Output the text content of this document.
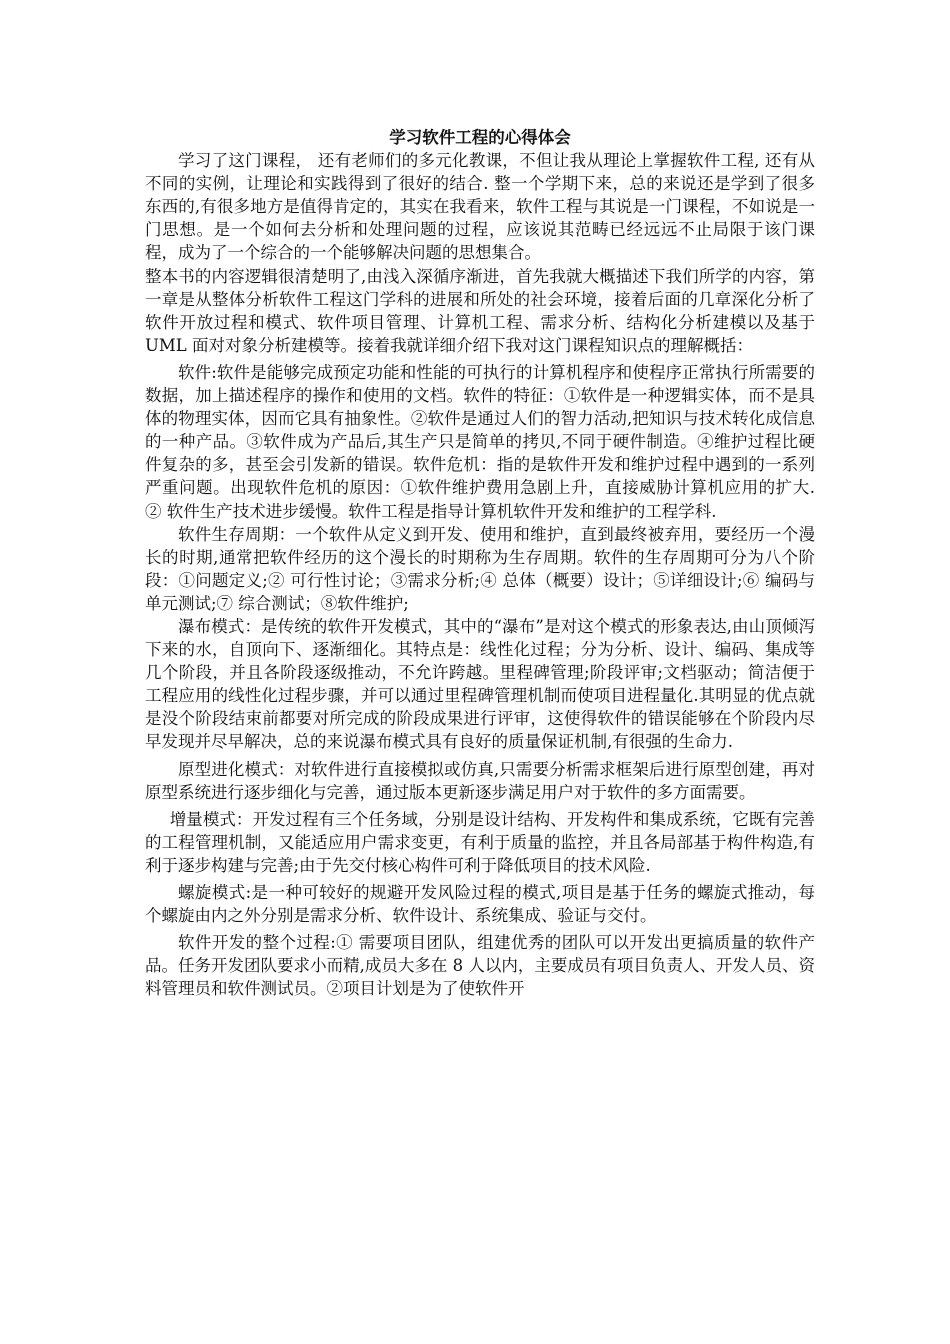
学习软件工程的心得体会

学习了这门课程， 还有老师们的多元化教课，不但让我从理论上掌握软件工程, 还有从不同的实例，让理论和实践得到了很好的结合. 整一个学期下来，总的来说还是学到了很多东西的,有很多地方是值得肯定的，其实在我看来，软件工程与其说是一门课程，不如说是一门思想。是一个如何去分析和处理问题的过程，应该说其范畴已经远远不止局限于该门课程，成为了一个综合的一个能够解决问题的思想集合。

整本书的内容逻辑很清楚明了,由浅入深循序渐进，首先我就大概描述下我们所学的内容，第一章是从整体分析软件工程这门学科的进展和所处的社会环境，接着后面的几章深化分析了软件开放过程和模式、软件项目管理、计算机工程、需求分析、结构化分析建模以及基于 UML 面对对象分析建模等。接着我就详细介绍下我对这门课程知识点的理解概括：

软件:软件是能够完成预定功能和性能的可执行的计算机程序和使程序正常执行所需要的数据，加上描述程序的操作和使用的文档。软件的特征：①软件是一种逻辑实体，而不是具体的物理实体，因而它具有抽象性。②软件是通过人们的智力活动,把知识与技术转化成信息的一种产品。③软件成为产品后,其生产只是简单的拷贝,不同于硬件制造。④维护过程比硬件复杂的多，甚至会引发新的错误。软件危机：指的是软件开发和维护过程中遇到的一系列严重问题。出现软件危机的原因：①软件维护费用急剧上升，直接威胁计算机应用的扩大. ② 软件生产技术进步缓慢。软件工程是指导计算机软件开发和维护的工程学科.

软件生存周期：一个软件从定义到开发、使用和维护，直到最终被弃用，要经历一个漫长的时期,通常把软件经历的这个漫长的时期称为生存周期。软件的生存周期可分为八个阶段：①问题定义;② 可行性讨论；③需求分析;④ 总体（概要）设计；⑤详细设计;⑥ 编码与单元测试;⑦ 综合测试；⑧软件维护;

瀑布模式：是传统的软件开发模式，其中的“瀑布”是对这个模式的形象表达,由山顶倾泻下来的水，自顶向下、逐渐细化。其特点是：线性化过程；分为分析、设计、编码、集成等几个阶段，并且各阶段逐级推动，不允许跨越。里程碑管理;阶段评审;文档驱动；简洁便于工程应用的线性化过程步骤，并可以通过里程碑管理机制而使项目进程量化.其明显的优点就是没个阶段结束前都要对所完成的阶段成果进行评审，这使得软件的错误能够在个阶段内尽早发现并尽早解决，总的来说瀑布模式具有良好的质量保证机制,有很强的生命力.

原型进化模式：对软件进行直接模拟或仿真,只需要分析需求框架后进行原型创建，再对原型系统进行逐步细化与完善，通过版本更新逐步满足用户对于软件的多方面需要。

增量模式：开发过程有三个任务域，分别是设计结构、开发构件和集成系统，它既有完善的工程管理机制，又能适应用户需求变更，有利于质量的监控，并且各局部基于构件构造,有利于逐步构建与完善;由于先交付核心构件可利于降低项目的技术风险.

螺旋模式:是一种可较好的规避开发风险过程的模式,项目是基于任务的螺旋式推动，每个螺旋由内之外分别是需求分析、软件设计、系统集成、验证与交付。

软件开发的整个过程:① 需要项目团队，组建优秀的团队可以开发出更搞质量的软件产品。任务开发团队要求小而精,成员大多在 8 人以内，主要成员有项目负责人、开发人员、资料管理员和软件测试员。②项目计划是为了使软件开
